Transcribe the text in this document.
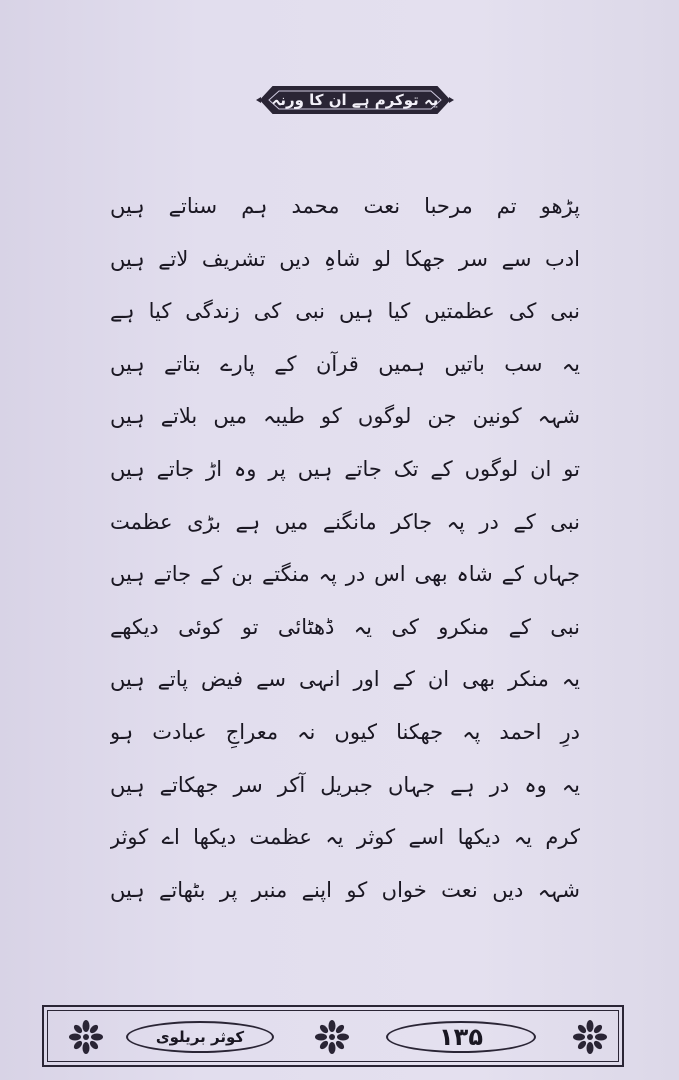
یہ توکرم ہے ان کا ورنہ
پڑھو تم مرحبا نعت محمد ہم سناتے ہیں
ادب سے سر جھکا لو شاہِ دیں تشریف لاتے ہیں
نبی کی عظمتیں کیا ہیں نبی کی زندگی کیا ہے
یہ سب باتیں ہمیں قرآن کے پارے بتاتے ہیں
شہہ کونین جن لوگوں کو طیبہ میں بلاتے ہیں
تو ان لوگوں کے تک جاتے ہیں پر وہ اڑ جاتے ہیں
نبی کے در پہ جاکر مانگنے میں ہے بڑی عظمت
جہاں کے شاہ بھی اس در پہ منگتے بن کے جاتے ہیں
نبی کے منکرو کی یہ ڈھٹائی تو کوئی دیکھے
یہ منکر بھی ان کے اور انہی سے فیض پاتے ہیں
درِ احمد پہ جھکنا کیوں نہ معراجِ عبادت ہو
یہ وہ در ہے جہاں جبریل آکر سر جھکاتے ہیں
کرم یہ دیکھا اسے کوثر یہ عظمت دیکھا اے کوثر
شہہ دیں نعت خواں کو اپنے منبر پر بٹھاتے ہیں
کوثر بریلوی	۱۳۵
